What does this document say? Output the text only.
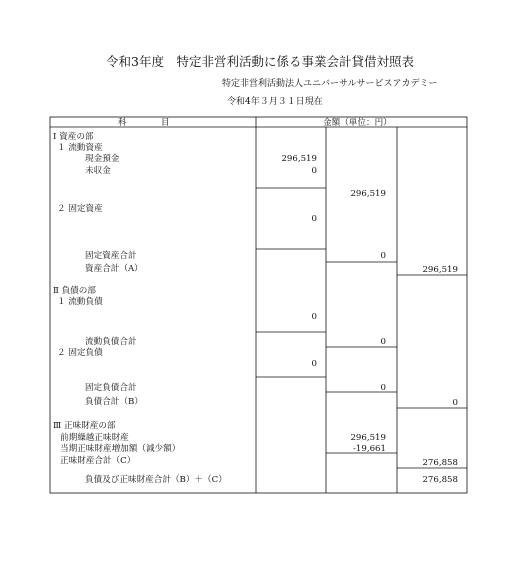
令和3年度　特定非営利活動に係る事業会計貸借対照表
特定非営利活動法人ユニバーサルサービスアカデミー
令和4年３月３１日現在
科　　　　目	金額（単位：円）
Ⅰ 資産の部
１ 流動資産
現金預金
未収金
２ 固定資産
固定資産合計
資産合計（A）
Ⅱ 負債の部
１ 流動負債
流動負債合計
２ 固定負債
固定負債合計
負債合計（B）
Ⅲ 正味財産の部
前期繰越正味財産
当期正味財産増加額（減少額）
正味財産合計（C）
負債及び正味財産合計（B）＋（C）
296,519
0
0
0
0
296,519
0
0
0
296,519
-19,661
296,519
0
276,858
276,858
